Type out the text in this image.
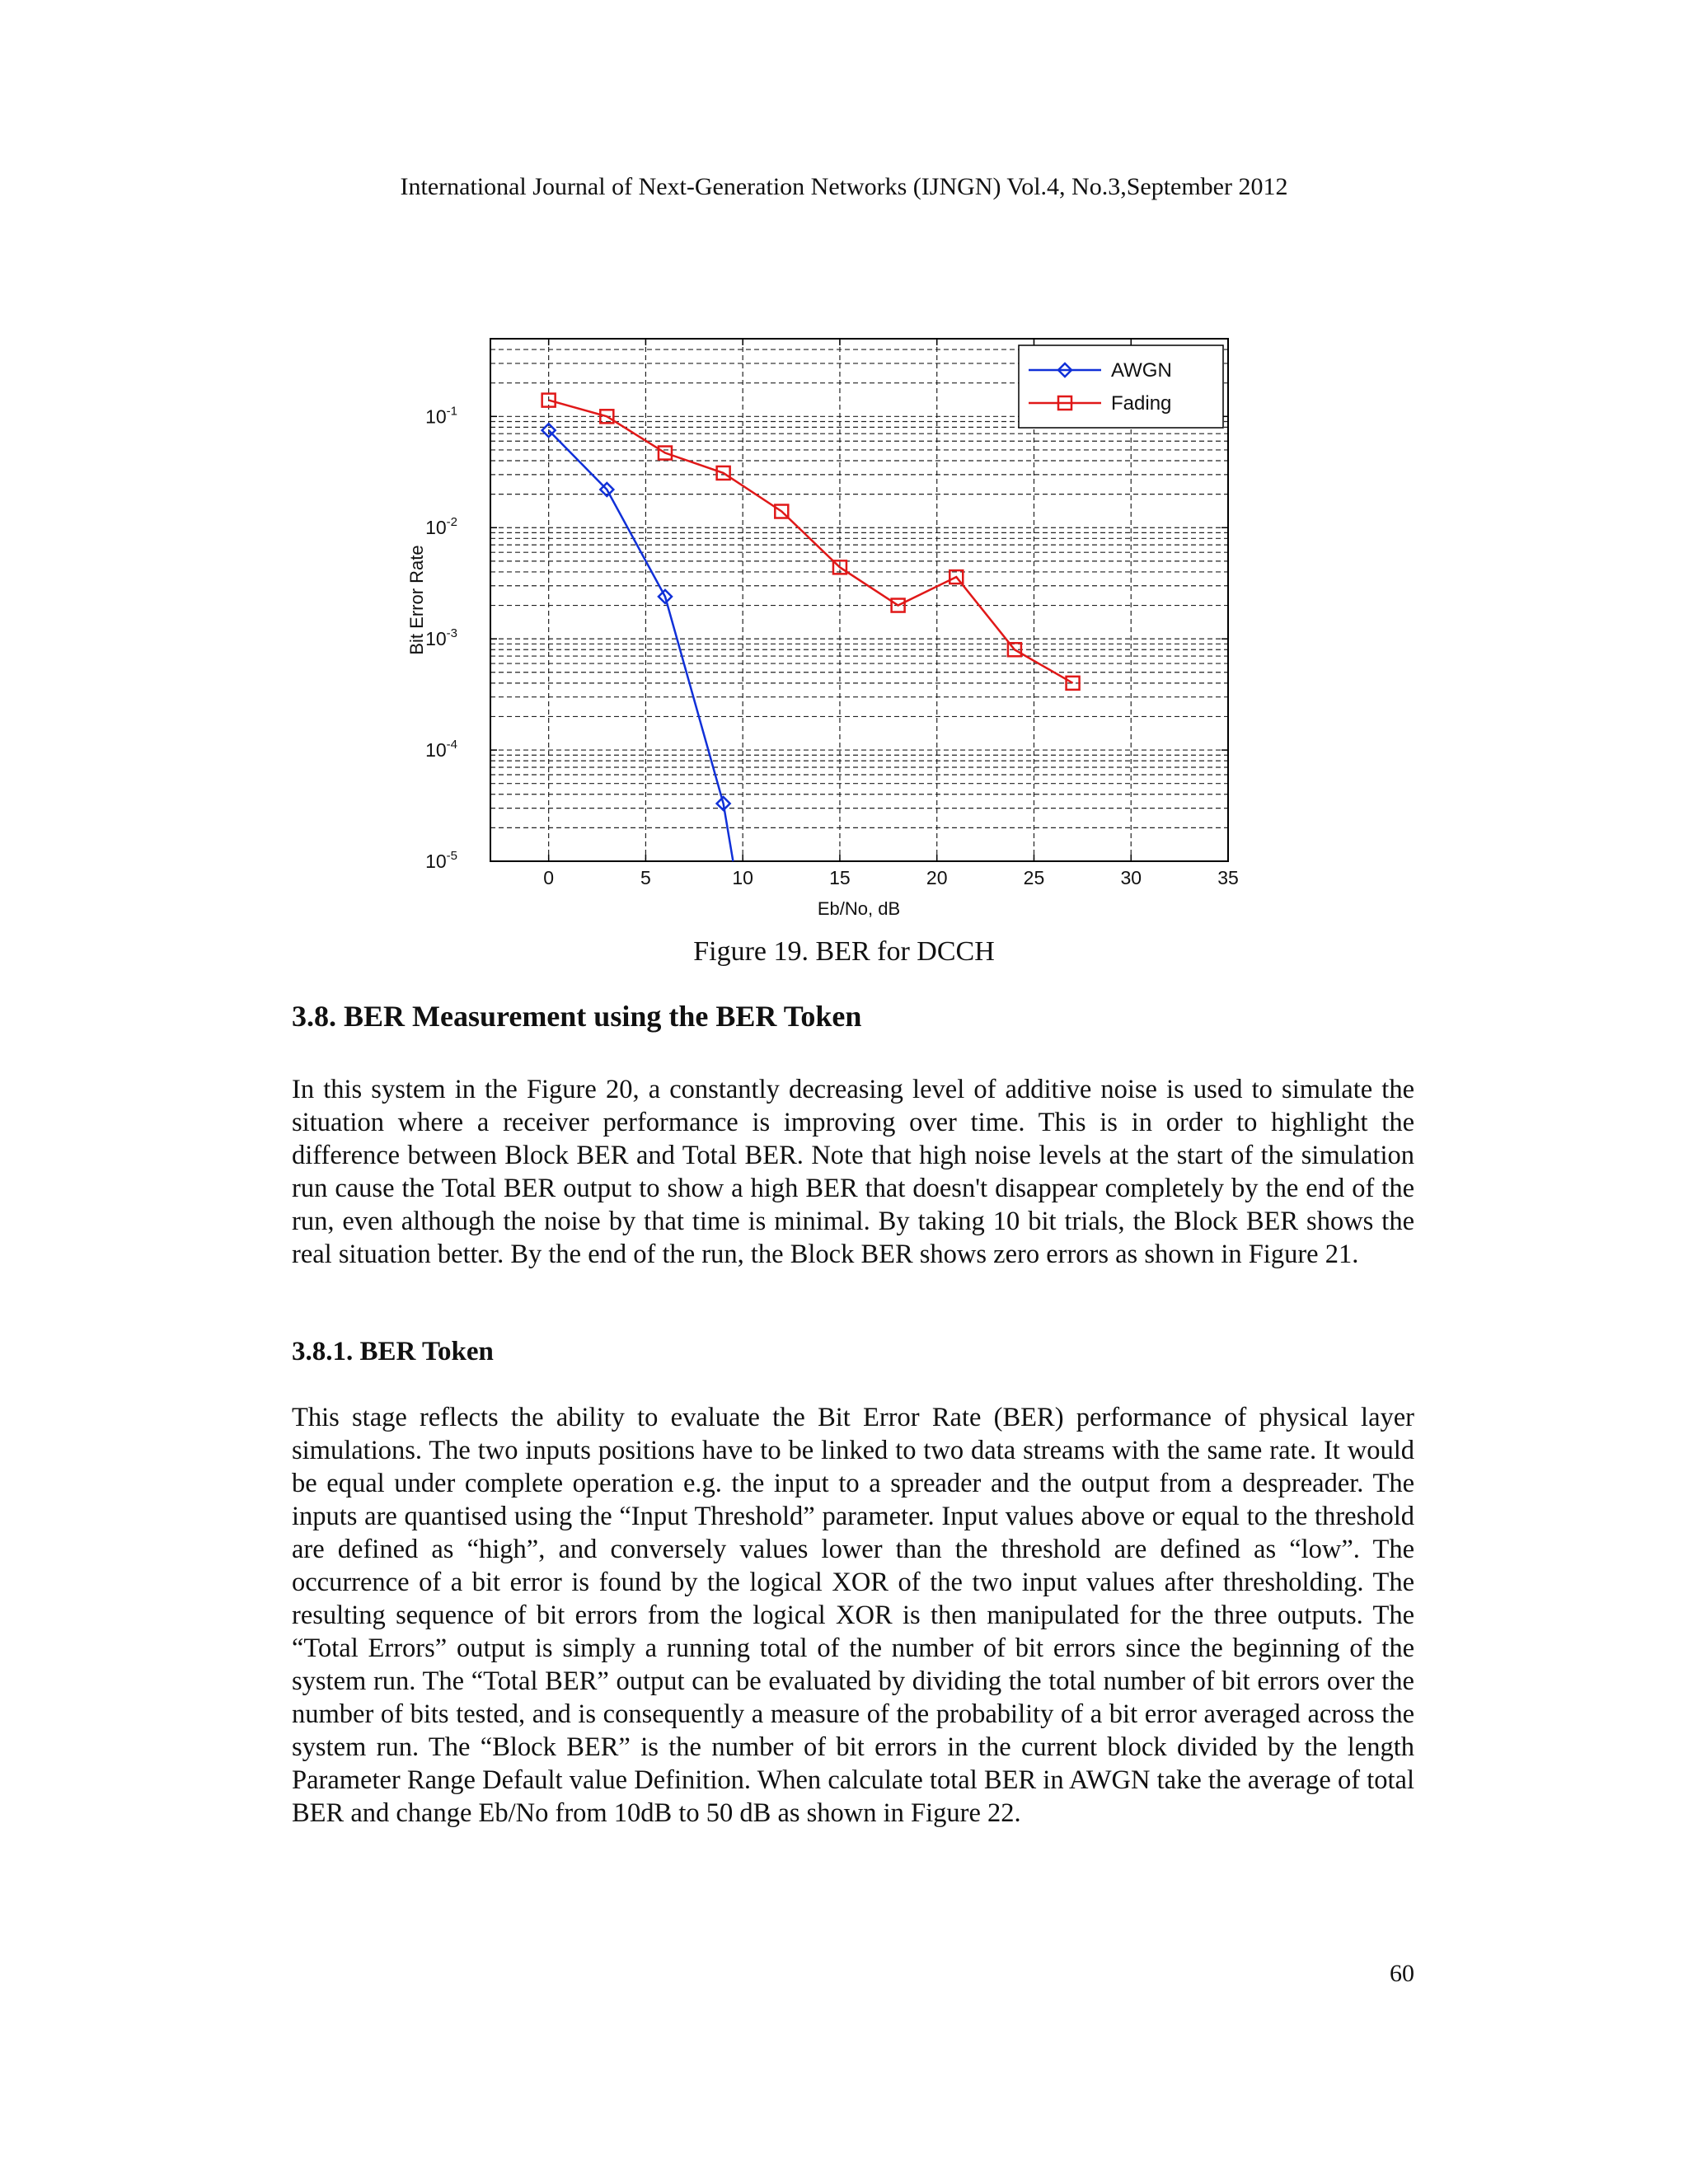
International Journal of Next-Generation Networks (IJNGN) Vol.4, No.3,September 2012
0	5	10	15	20	25	30	35
$10^{-5}$
$10^{-4}$
$10^{-3}$
$10^{-2}$
$10^{-1}$
AWGN
Fading
Eb/No, dB
Bit Error Rate
Figure 19. BER for DCCH
3.8. BER Measurement using the BER Token

In this system in the Figure 20, a constantly decreasing level of additive noise is used to simulate the situation where a receiver performance is improving over time. This is in order to highlight the difference between Block BER and Total BER. Note that high noise levels at the start of the simulation run cause the Total BER output to show a high BER that doesn't disappear completely by the end of the run, even although the noise by that time is minimal. By taking 10 bit trials, the Block BER shows the real situation better. By the end of the run, the Block BER shows zero errors as shown in Figure 21.

3.8.1. BER Token

This stage reflects the ability to evaluate the Bit Error Rate (BER) performance of physical layer simulations. The two inputs positions have to be linked to two data streams with the same rate. It would be equal under complete operation e.g. the input to a spreader and the output from a despreader. The inputs are quantised using the “Input Threshold” parameter. Input values above or equal to the threshold are defined as “high”, and conversely values lower than the threshold are defined as “low”. The occurrence of a bit error is found by the logical XOR of the two input values after thresholding. The resulting sequence of bit errors from the logical XOR is then manipulated for the three outputs. The “Total Errors” output is simply a running total of the number of bit errors since the beginning of the system run. The “Total BER” output can be evaluated by dividing the total number of bit errors over the number of bits tested, and is consequently a measure of the probability of a bit error averaged across the system run. The “Block BER” is the number of bit errors in the current block divided by the length Parameter Range Default value Definition. When calculate total BER in AWGN take the average of total BER and change Eb/No from 10dB to 50 dB as shown in Figure 22.

60
